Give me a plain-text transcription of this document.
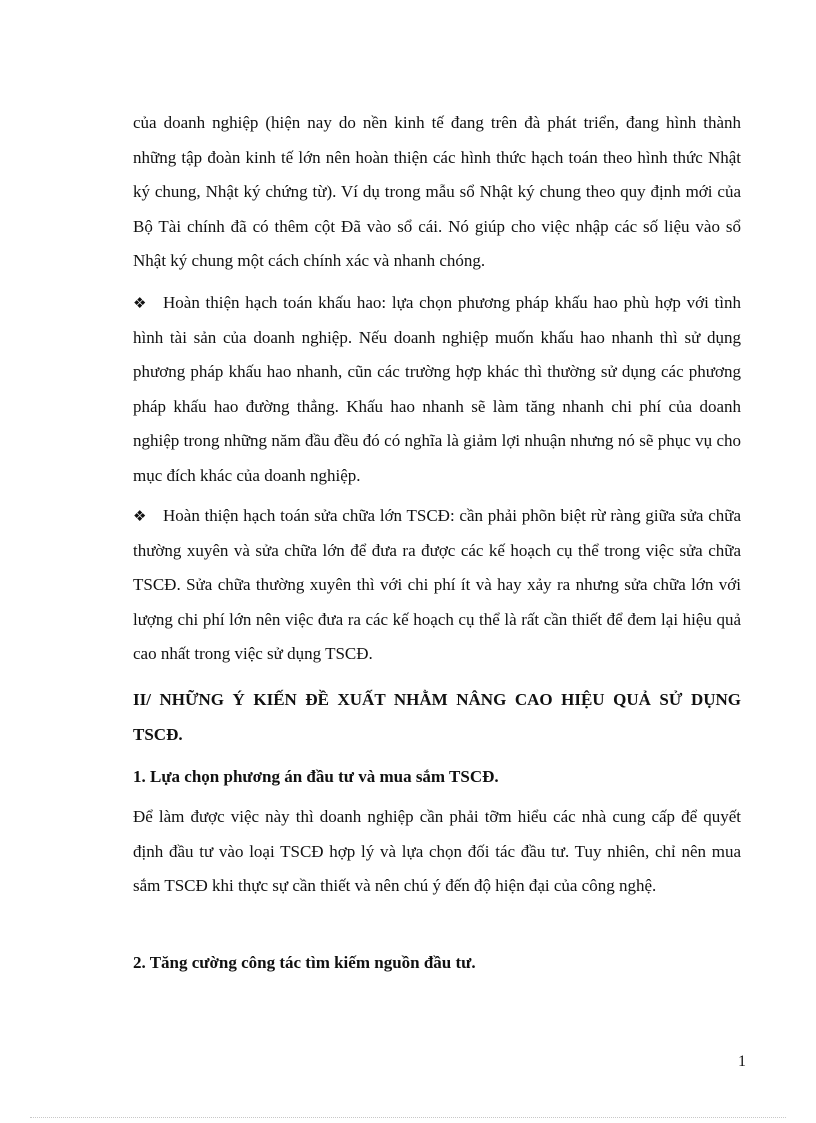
của doanh nghiệp (hiện nay do nền kinh tế đang trên đà phát triển, đang hình thành những tập đoàn kinh tế lớn nên hoàn thiện các hình thức hạch toán theo hình thức Nhật ký chung, Nhật ký chứng từ). Ví dụ trong mẫu sổ Nhật ký chung theo quy định mới của Bộ Tài chính đã có thêm cột Đã vào sổ cái. Nó giúp cho việc nhập các số liệu vào sổ Nhật ký chung một cách chính xác và nhanh chóng.

❖ Hoàn thiện hạch toán khấu hao: lựa chọn phương pháp khấu hao phù hợp với tình hình tài sản của doanh nghiệp. Nếu doanh nghiệp muốn khấu hao nhanh thì sử dụng phương pháp khấu hao nhanh, cũn các trường hợp khác thì thường sử dụng các phương pháp khấu hao đường thẳng. Khấu hao nhanh sẽ làm tăng nhanh chi phí của doanh nghiệp trong những năm đầu đều đó có nghĩa là giảm lợi nhuận nhưng nó sẽ phục vụ cho mục đích khác của doanh nghiệp.

❖ Hoàn thiện hạch toán sửa chữa lớn TSCĐ: cần phải phõn biệt rừ ràng giữa sửa chữa thường xuyên và sửa chữa lớn để đưa ra được các kế hoạch cụ thể trong việc sửa chữa TSCĐ. Sửa chữa thường xuyên thì với chi phí ít và hay xảy ra nhưng sửa chữa lớn với lượng chi phí lớn nên việc đưa ra các kế hoạch cụ thể là rất cần thiết để đem lại hiệu quả cao nhất trong việc sử dụng TSCĐ.

II/ NHỮNG Ý KIẾN ĐỀ XUẤT NHẰM NÂNG CAO HIỆU QUẢ SỬ DỤNG TSCĐ.

1. Lựa chọn phương án đầu tư và mua sắm TSCĐ.

Để làm được việc này thì doanh nghiệp cần phải tỡm hiểu các nhà cung cấp để quyết định đầu tư vào loại TSCĐ hợp lý và lựa chọn đối tác đầu tư. Tuy nhiên, chỉ nên mua sắm TSCĐ khi thực sự cần thiết và nên chú ý đến độ hiện đại của công nghệ.

2. Tăng cường công tác tìm kiếm nguồn đầu tư.

1
